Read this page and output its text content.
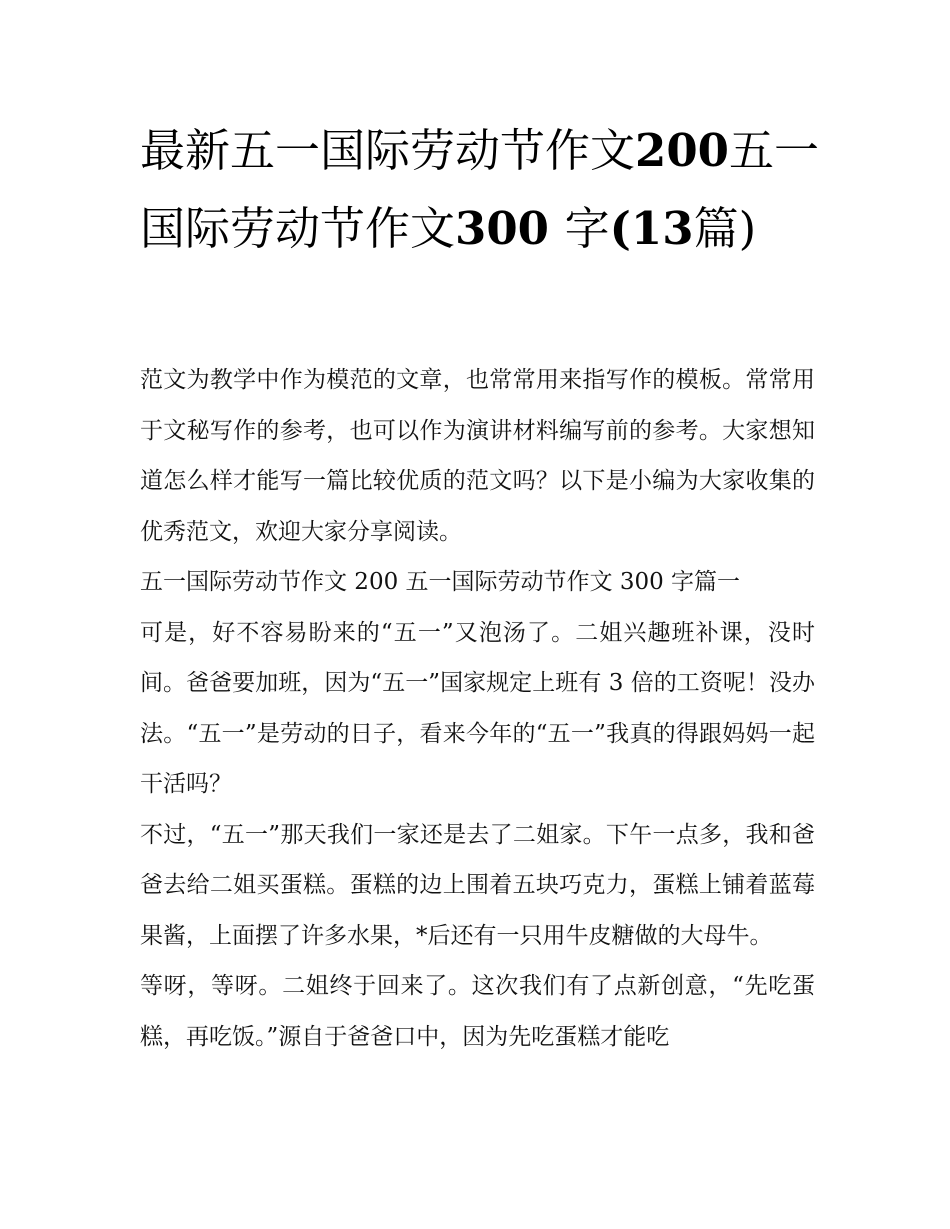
最新五一国际劳动节作文200五一国际劳动节作文300 字(13篇)

范文为教学中作为模范的文章，也常常用来指写作的模板。常常用于文秘写作的参考，也可以作为演讲材料编写前的参考。大家想知道怎么样才能写一篇比较优质的范文吗？以下是小编为大家收集的优秀范文，欢迎大家分享阅读。

五一国际劳动节作文 200 五一国际劳动节作文 300 字篇一

可是，好不容易盼来的“五一”又泡汤了。二姐兴趣班补课，没时间。爸爸要加班，因为“五一”国家规定上班有 3 倍的工资呢！没办法。“五一”是劳动的日子，看来今年的“五一”我真的得跟妈妈一起干活吗？

不过，“五一”那天我们一家还是去了二姐家。下午一点多，我和爸爸去给二姐买蛋糕。蛋糕的边上围着五块巧克力，蛋糕上铺着蓝莓果酱，上面摆了许多水果，*后还有一只用牛皮糖做的大母牛。

等呀，等呀。二姐终于回来了。这次我们有了点新创意，“先吃蛋糕，再吃饭。”源自于爸爸口中，因为先吃蛋糕才能吃
